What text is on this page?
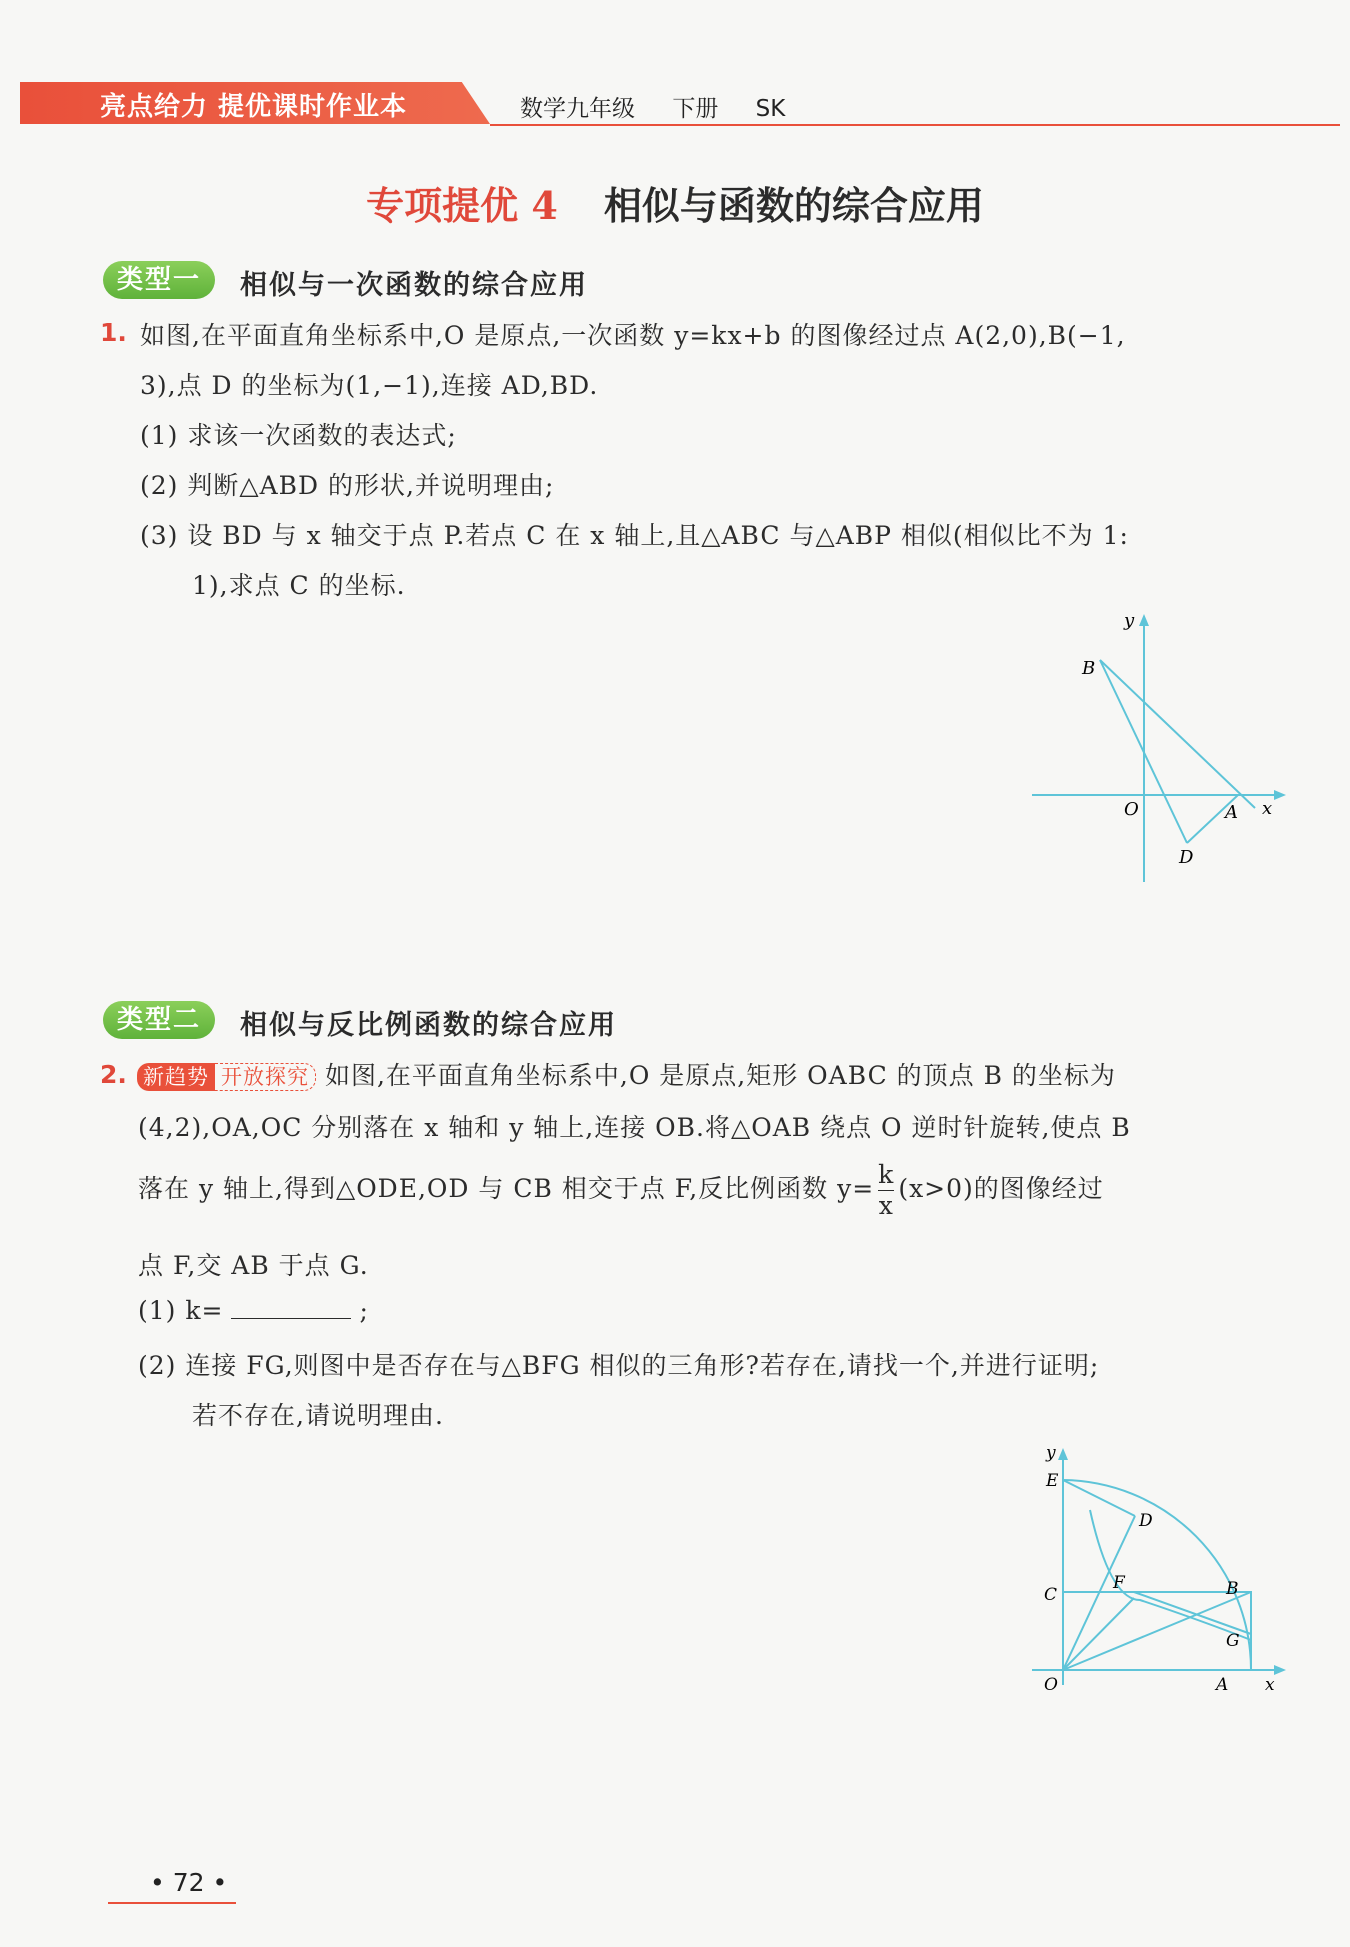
亮点给力 提优课时作业本	数学九年级 下册 SK
专项提优 4 相似与函数的综合应用
类型一	相似与一次函数的综合应用
1. 如图,在平面直角坐标系中,O 是原点,一次函数 y=kx+b 的图像经过点 A(2,0),B(−1,
3),点 D 的坐标为(1,−1),连接 AD,BD.
(1) 求该一次函数的表达式;
(2) 判断△ABD 的形状,并说明理由;
(3) 设 BD 与 x 轴交于点 P.若点 C 在 x 轴上,且△ABC 与△ABP 相似(相似比不为 1:
1),求点 C 的坐标.
y
x
B
O	A
D
类型二	相似与反比例函数的综合应用
2. 新趋势 开放探究 如图,在平面直角坐标系中,O 是原点,矩形 OABC 的顶点 B 的坐标为
(4,2),OA,OC 分别落在 x 轴和 y 轴上,连接 OB.将△OAB 绕点 O 逆时针旋转,使点 B
落在 y 轴上,得到△ODE,OD 与 CB 相交于点 F,反比例函数 $y= \frac{k}{x} (x>0)$的图像经过
点 F,交 AB 于点 G.
(1) k=	;
(2) 连接 FG,则图中是否存在与△BFG 相似的三角形?若存在,请找一个,并进行证明;
若不存在,请说明理由.
y
x
E
D
C
F	B
G
O	A
• 72 •
